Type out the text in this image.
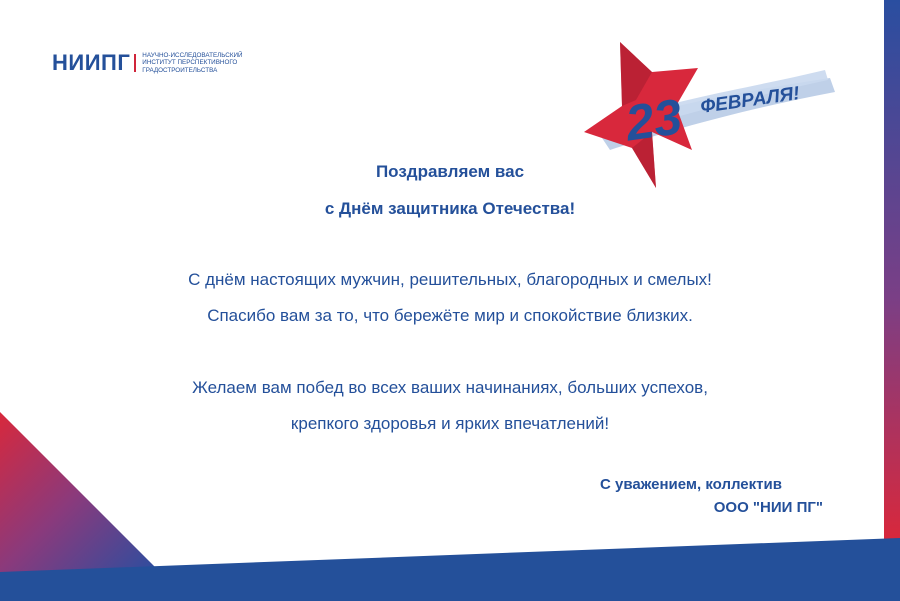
НИИПГ НАУЧНО-ИССЛЕДОВАТЕЛЬСКИЙ
ИНСТИТУТ ПЕРСПЕКТИВНОГО
ГРАДОСТРОИТЕЛЬСТВА
23 ФЕВРАЛЯ!
Поздравляем вас
с Днём защитника Отечества!
С днём настоящих мужчин, решительных, благородных и смелых!
Спасибо вам за то, что бережёте мир и спокойствие близких.
Желаем вам побед во всех ваших начинаниях, больших успехов,
крепкого здоровья и ярких впечатлений!
С уважением, коллектив
ООО "НИИ ПГ"
